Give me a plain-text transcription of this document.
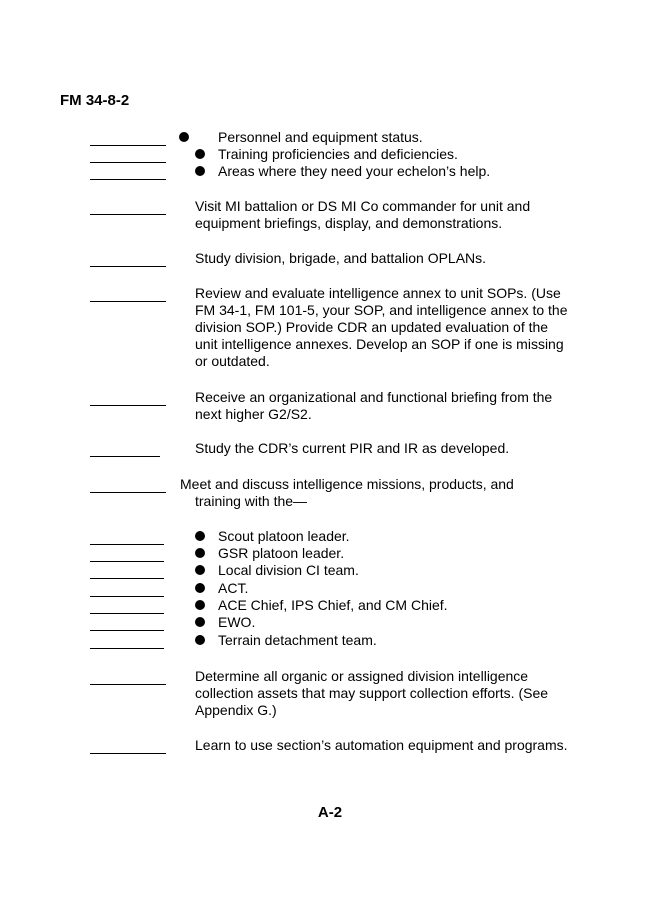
FM 34-8-2
Personnel and equipment status.
Training proficiencies and deficiencies.
Areas where they need your echelon’s help.
Visit MI battalion or DS MI Co commander for unit and
equipment briefings, display, and demonstrations.
Study division, brigade, and battalion OPLANs.
Review and evaluate intelligence annex to unit SOPs. (Use
FM 34-1, FM 101-5, your SOP, and intelligence annex to the
division SOP.) Provide CDR an updated evaluation of the
unit intelligence annexes. Develop an SOP if one is missing
or outdated.
Receive an organizational and functional briefing from the
next higher G2/S2.
Study the CDR’s current PIR and IR as developed.
Meet and discuss intelligence missions, products, and
training with the—
Scout platoon leader.
GSR platoon leader.
Local division CI team.
ACT.
ACE Chief, IPS Chief, and CM Chief.
EWO.
Terrain detachment team.
Determine all organic or assigned division intelligence
collection assets that may support collection efforts. (See
Appendix G.)
Learn to use section’s automation equipment and programs.
A-2
